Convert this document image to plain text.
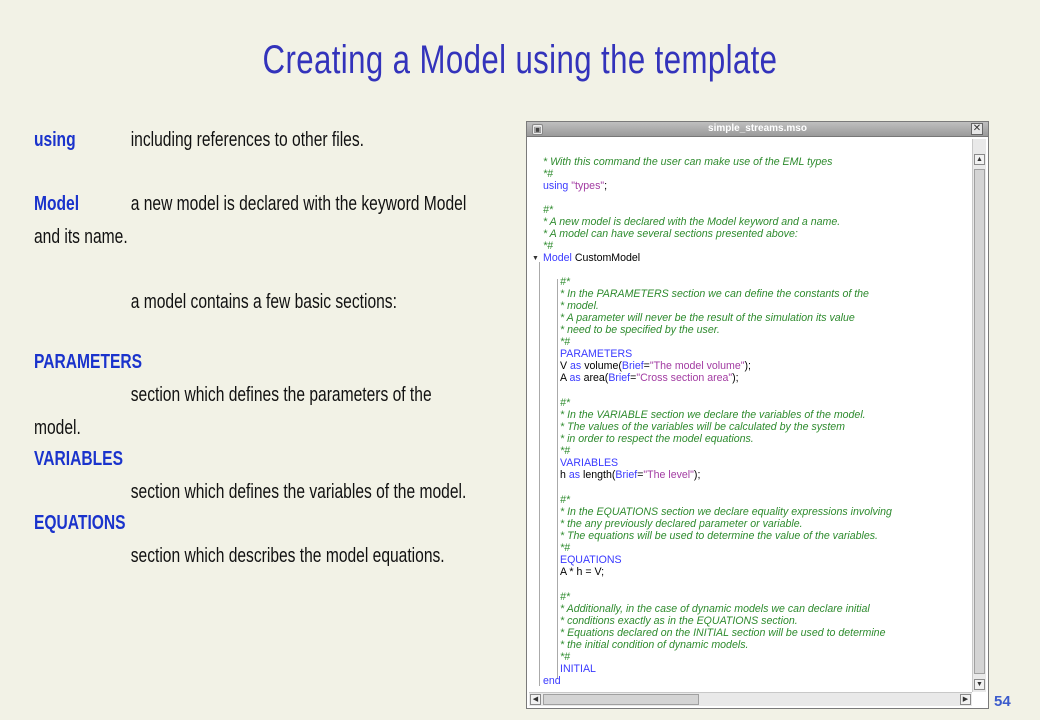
Creating a Model using the template
using	including references to other files.
Model	a new model is declared with the keyword Model
and its name.
a model contains a few basic sections:
PARAMETERS
section which defines the parameters of the
model.
VARIABLES
section which defines the variables of the model.
EQUATIONS
section which describes the model equations.
▣	simple_streams.mso	✕
▼
* With this command the user can make use of the EML types
*#
using "types";
#*
* A new model is declared with the Model keyword and a name.
* A model can have several sections presented above:
*#
Model CustomModel
#*
* In the PARAMETERS section we can define the constants of the
* model.
* A parameter will never be the result of the simulation its value
* need to be specified by the user.
*#
PARAMETERS
V as volume(Brief="The model volume");
A as area(Brief="Cross section area");
#*
* In the VARIABLE section we declare the variables of the model.
* The values of the variables will be calculated by the system
* in order to respect the model equations.
*#
VARIABLES
h as length(Brief="The level");
#*
* In the EQUATIONS section we declare equality expressions involving
* the any previously declared parameter or variable.
* The equations will be used to determine the value of the variables.
*#
EQUATIONS
A * h = V;
#*
* Additionally, in the case of dynamic models we can declare initial
* conditions exactly as in the EQUATIONS section.
* Equations declared on the INITIAL section will be used to determine
* the initial condition of dynamic models.
*#
INITIAL
end
▲
▼
◀	▶ 54
